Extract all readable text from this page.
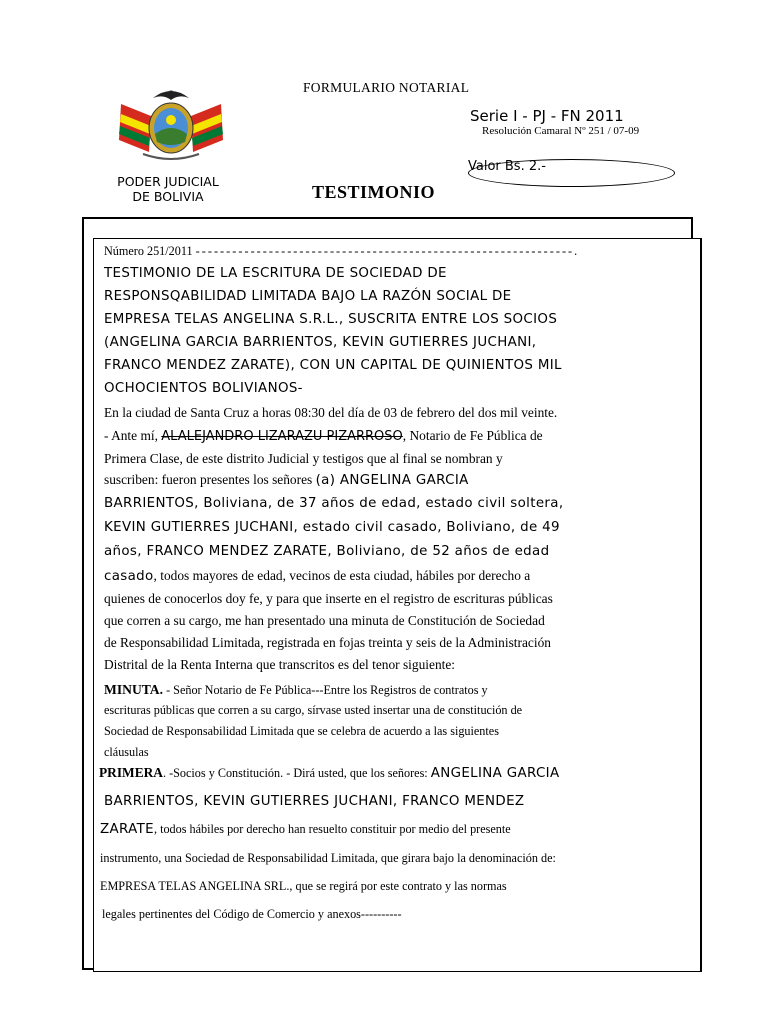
FORMULARIO NOTARIAL
Serie I - PJ - FN 2011
Resolución Camaral Nº 251 / 07-09
Valor Bs. 2.-
PODER JUDICIAL
DE BOLIVIA	TESTIMONIO
Número 251/2011 - - - - - - - - - - - - - - - - - - - - - - - - - - - - - - - - - - - - - - - - - - - - - - - - - - - - - - - - - - - - - - .
TESTIMONIO DE LA ESCRITURA DE SOCIEDAD DE
RESPONSQABILIDAD LIMITADA BAJO LA RAZÓN SOCIAL DE
EMPRESA TELAS ANGELINA S.R.L., SUSCRITA ENTRE LOS SOCIOS
(ANGELINA GARCIA BARRIENTOS, KEVIN GUTIERRES JUCHANI,
FRANCO MENDEZ ZARATE), CON UN CAPITAL DE QUINIENTOS MIL
OCHOCIENTOS BOLIVIANOS-
En la ciudad de Santa Cruz a horas 08:30 del día de 03 de febrero del dos mil veinte.
- Ante mí, ALALEJANDRO LIZARAZU PIZARROSO, Notario de Fe Pública de
Primera Clase, de este distrito Judicial y testigos que al final se nombran y
suscriben: fueron presentes los señores (a) ANGELINA GARCIA
BARRIENTOS, Boliviana, de 37 años de edad, estado civil soltera,
KEVIN GUTIERRES JUCHANI, estado civil casado, Boliviano, de 49
años, FRANCO MENDEZ ZARATE, Boliviano, de 52 años de edad
casado, todos mayores de edad, vecinos de esta ciudad, hábiles por derecho a
quienes de conocerlos doy fe, y para que inserte en el registro de escrituras públicas
que corren a su cargo, me han presentado una minuta de Constitución de Sociedad
de Responsabilidad Limitada, registrada en fojas treinta y seis de la Administración
Distrital de la Renta Interna que transcritos es del tenor siguiente:
MINUTA. - Señor Notario de Fe Pública---Entre los Registros de contratos y
escrituras públicas que corren a su cargo, sírvase usted insertar una de constitución de
Sociedad de Responsabilidad Limitada que se celebra de acuerdo a las siguientes
cláusulas
PRIMERA. -Socios y Constitución. - Dirá usted, que los señores: ANGELINA GARCIA
BARRIENTOS, KEVIN GUTIERRES JUCHANI, FRANCO MENDEZ
ZARATE, todos hábiles por derecho han resuelto constituir por medio del presente
instrumento, una Sociedad de Responsabilidad Limitada, que girara bajo la denominación de:
EMPRESA TELAS ANGELINA SRL., que se regirá por este contrato y las normas
legales pertinentes del Código de Comercio y anexos----------
